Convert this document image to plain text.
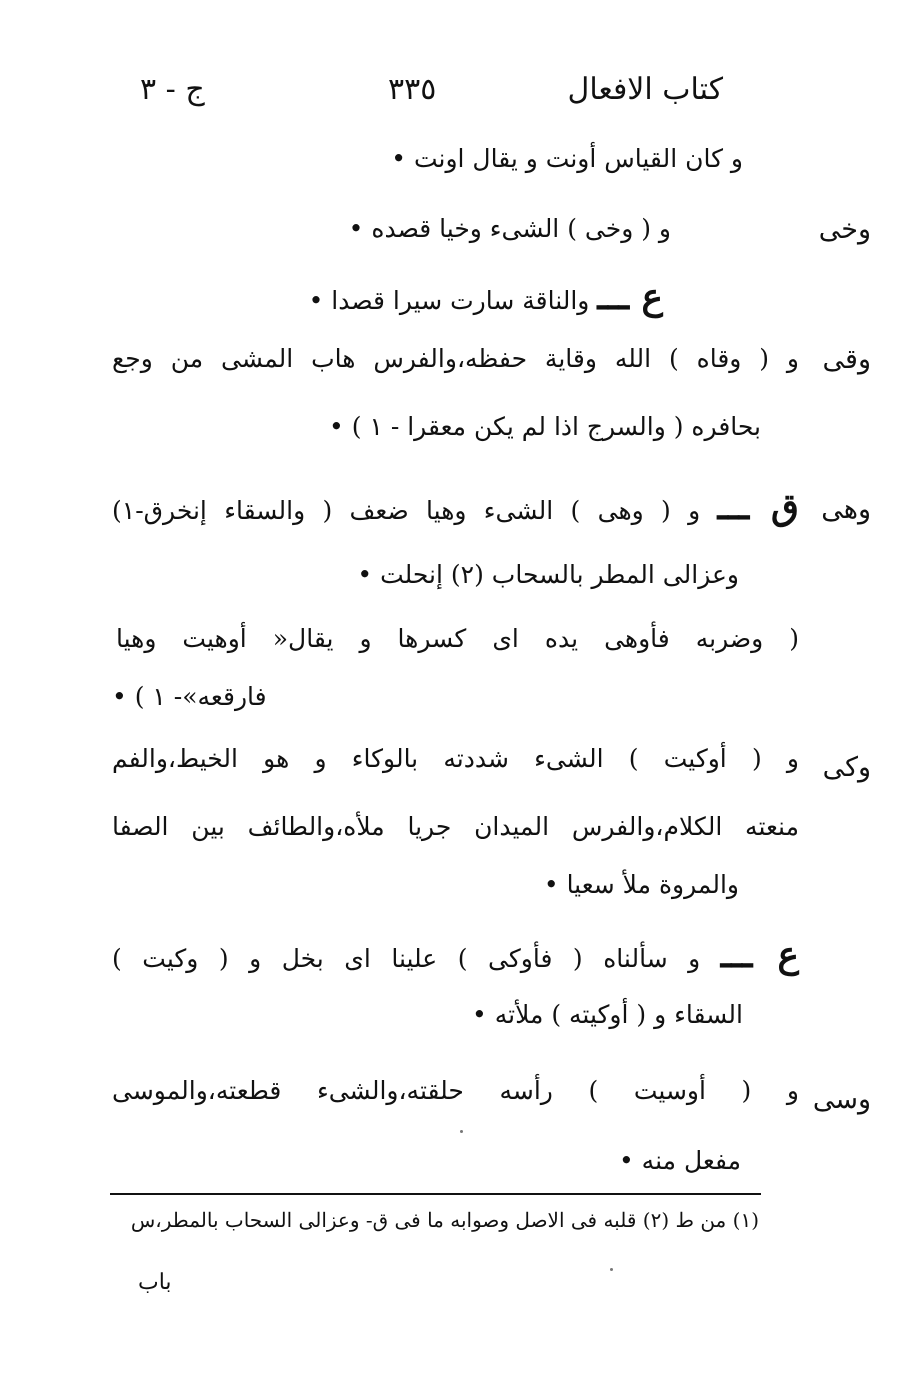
كتاب الافعال
٣٣٥
ج - ٣
و كان القياس أونت و يقال اونت •
وخى
و ( وخى ) الشىء وخيا قصده •
ع ـــ والناقة سارت سيرا قصدا •
وقى
و ( وقاه ) الله وقاية حفظه،والفرس هاب المشى من وجع
بحافره ( والسرج اذا لم يكن معقرا - ١ ) •
وهى
ق ـــ و ( وهى ) الشىء وهيا ضعف ( والسقاء إنخرق-١)
وعزالى المطر بالسحاب (٢) إنحلت •
( وضربه فأوهى يده اى كسرها و يقال« أوهيت وهيا
فارقعه»- ١ ) •
وكى
و ( أوكيت ) الشىء شددته بالوكاء و هو الخيط،والفم
منعته الكلام،والفرس الميدان جريا ملأه،والطائف بين الصفا
والمروة ملأ سعيا •
ع ـــ و سألناه ( فأوكى ) علينا اى بخل و ( وكيت )
السقاء و ( أوكيته ) ملأته •
وسى
و ( أوسيت ) رأسه حلقته،والشىء قطعته،والموسى
مفعل منه •
(١) من ط (٢) قلبه فى الاصل وصوابه ما فى ق- وعزالى السحاب بالمطر،س
باب
